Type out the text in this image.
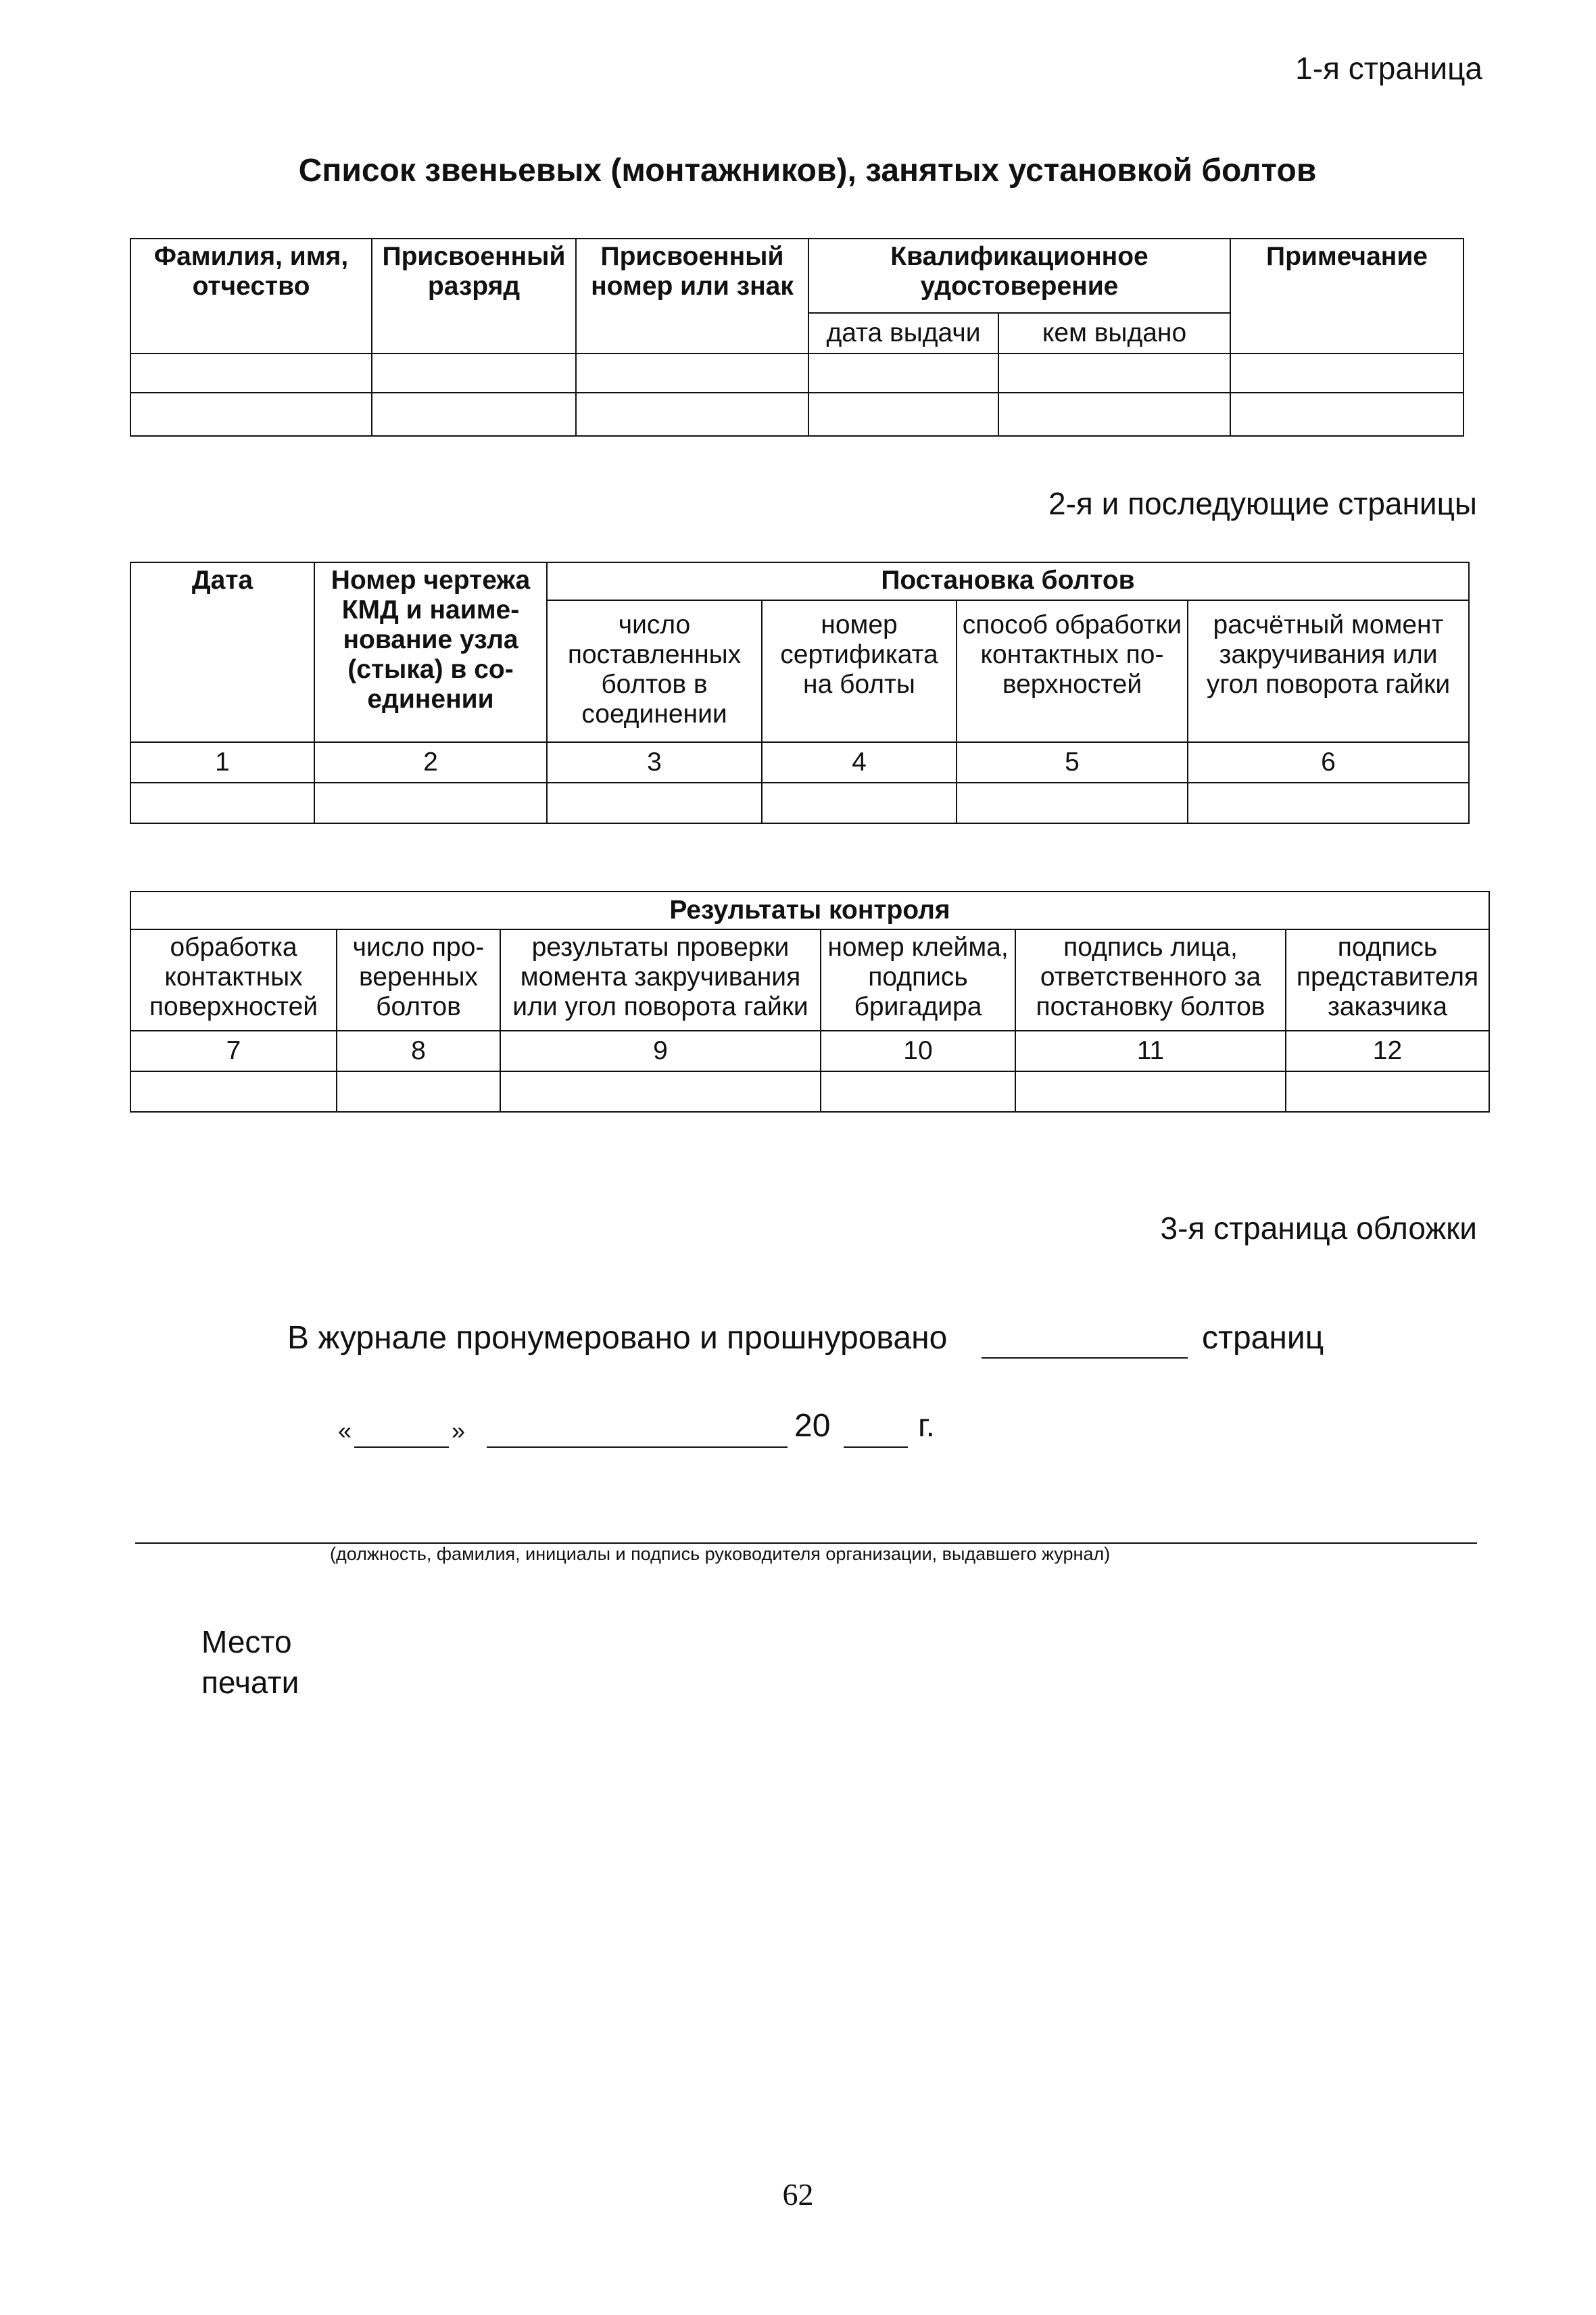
1-я страница
Список звеньевых (монтажников), занятых установкой болтов
Фамилия, имя, отчество	Присвоенный разряд	Присвоенный номер или знак	Квалификационное удостоверение		Примечание
			дата выдачи	кем выдано	

2-я и последующие страницы
Дата	Номер чертежа КМД и наиме-нование узла (стыка) в со-единении	Постановка болтов			
		число поставленных болтов в соединении	номер сертификата на болты	способ обработки контактных по-верхностей	расчётный момент закручивания или угол поворота гайки
1	2	3	4	5	6

Результаты контроля					
обработка контактных поверхностей	число про-веренных болтов	результаты проверки момента закручивания или угол поворота гайки	номер клейма, подпись бригадира	подпись лица, ответственного за постановку болтов	подпись представителя заказчика
7	8	9	10	11	12

3-я страница обложки
В журнале пронумеровано и прошнуровано	страниц
«	»	20	г.
(должность, фамилия, инициалы и подпись руководителя организации, выдавшего журнал)
Место
печати
62
